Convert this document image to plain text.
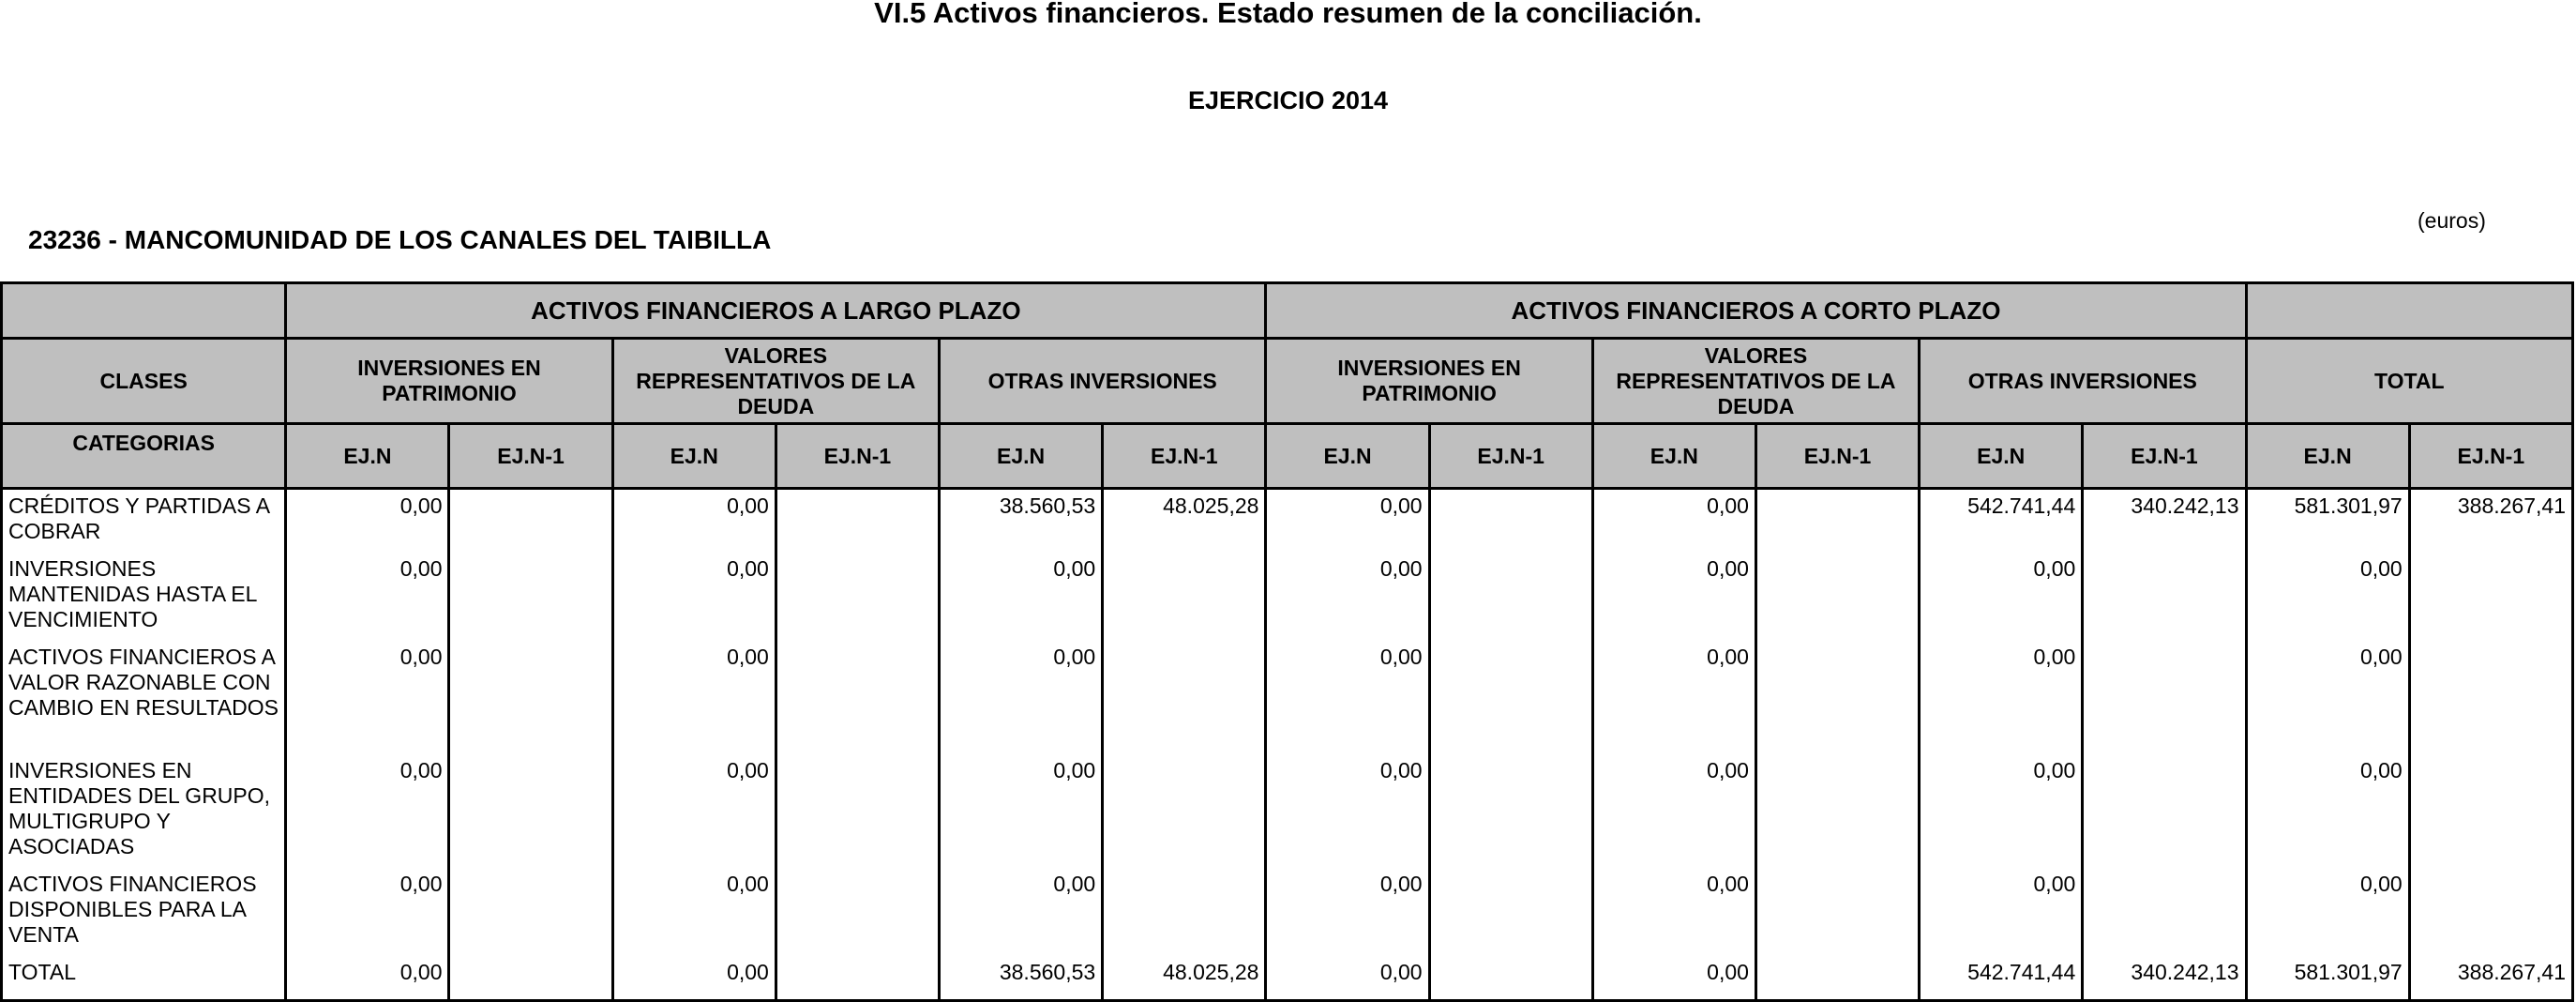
VI.5 Activos financieros. Estado resumen de la conciliación.
EJERCICIO 2014
23236 - MANCOMUNIDAD DE LOS CANALES DEL TAIBILLA
(euros)
	ACTIVOS FINANCIEROS A LARGO PLAZO						ACTIVOS FINANCIEROS A CORTO PLAZO							
CLASES	INVERSIONES EN PATRIMONIO		VALORES REPRESENTATIVOS DE LA DEUDA		OTRAS INVERSIONES		INVERSIONES EN PATRIMONIO		VALORES REPRESENTATIVOS DE LA DEUDA		OTRAS INVERSIONES		TOTAL	
CATEGORIAS	EJ.N	EJ.N-1	EJ.N	EJ.N-1	EJ.N	EJ.N-1	EJ.N	EJ.N-1	EJ.N	EJ.N-1	EJ.N	EJ.N-1	EJ.N	EJ.N-1
CRÉDITOS Y PARTIDAS A COBRAR	0,00		0,00		38.560,53	48.025,28	0,00		0,00		542.741,44	340.242,13	581.301,97	388.267,41
INVERSIONES MANTENIDAS HASTA EL VENCIMIENTO	0,00		0,00		0,00		0,00		0,00		0,00		0,00	
ACTIVOS FINANCIEROS A VALOR RAZONABLE CON CAMBIO EN RESULTADOS	0,00		0,00		0,00		0,00		0,00		0,00		0,00	
INVERSIONES EN ENTIDADES DEL GRUPO, MULTIGRUPO Y ASOCIADAS	0,00		0,00		0,00		0,00		0,00		0,00		0,00	
ACTIVOS FINANCIEROS DISPONIBLES PARA LA VENTA	0,00		0,00		0,00		0,00		0,00		0,00		0,00	
TOTAL	0,00		0,00		38.560,53	48.025,28	0,00		0,00		542.741,44	340.242,13	581.301,97	388.267,41
